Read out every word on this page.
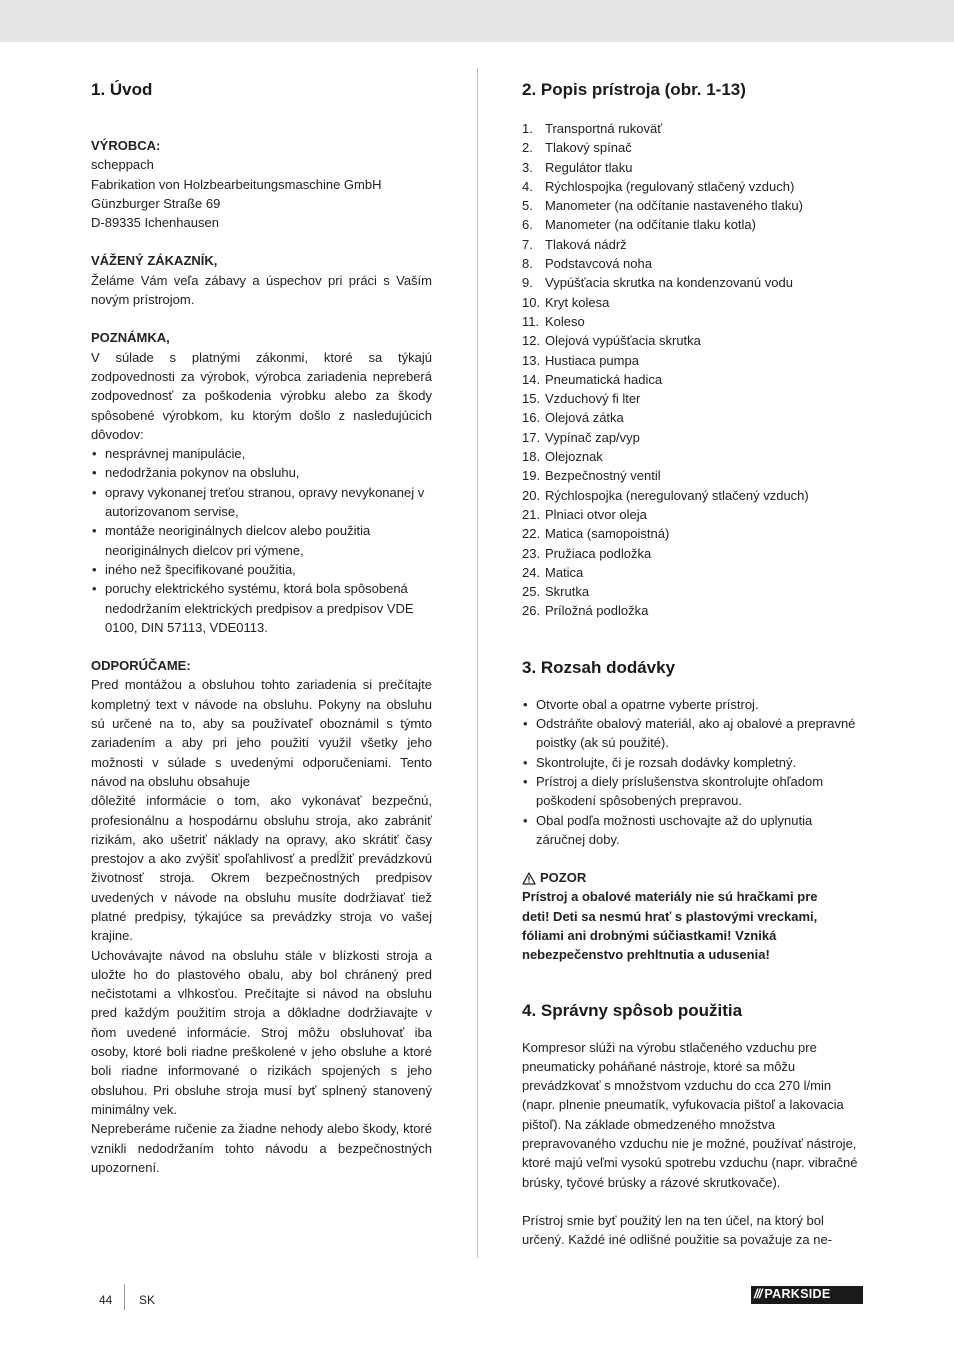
1. Úvod
VÝROBCA:
scheppach
Fabrikation von Holzbearbeitungsmaschine GmbH
Günzburger Straße 69
D-89335 Ichenhausen
VÁŽENÝ ZÁKAZNÍK,

Želáme Vám veľa zábavy a úspechov pri práci s Vaším novým prístrojom.

POZNÁMKA,

V súlade s platnými zákonmi, ktoré sa týkajú zodpovednosti za výrobok, výrobca zariadenia nepreberá zodpovednosť za poškodenia výrobku alebo za škody spôsobené výrobkom, ku ktorým došlo z nasledujúcich dôvodov:

• nesprávnej manipulácie,
• nedodržania pokynov na obsluhu,
• opravy vykonanej treťou stranou, opravy nevykonanej v autorizovanom servise,
• montáže neoriginálnych dielcov alebo použitia neoriginálnych dielcov pri výmene,
• iného než špecifikované použitia,
• poruchy elektrického systému, ktorá bola spôsobená nedodržaním elektrických predpisov a predpisov VDE 0100, DIN 57113, VDE0113.
ODPORÚČAME:

Pred montážou a obsluhou tohto zariadenia si prečítajte kompletný text v návode na obsluhu. Pokyny na obsluhu sú určené na to, aby sa používateľ oboznámil s týmto zariadením a aby pri jeho použití využil všetky jeho možnosti v súlade s uvedenými odporučeniami. Tento návod na obsluhu obsahuje

dôležité informácie o tom, ako vykonávať bezpečnú, profesionálnu a hospodárnu obsluhu stroja, ako zabrániť rizikám, ako ušetriť náklady na opravy, ako skrátiť časy prestojov a ako zvýšiť spoľahlivosť a predĺžiť prevádzkovú životnosť stroja. Okrem bezpečnostných predpisov uvedených v návode na obsluhu musíte dodržiavať tiež platné predpisy, týkajúce sa prevádzky stroja vo vašej krajine.

Uchovávajte návod na obsluhu stále v blízkosti stroja a uložte ho do plastového obalu, aby bol chránený pred nečistotami a vlhkosťou. Prečítajte si návod na obsluhu pred každým použitím stroja a dôkladne dodržiavajte v ňom uvedené informácie. Stroj môžu obsluhovať iba osoby, ktoré boli riadne preškolené v jeho obsluhe a ktoré boli riadne informované o rizikách spojených s jeho obsluhou. Pri obsluhe stroja musí byť splnený stanovený minimálny vek.

Nepreberáme ručenie za žiadne nehody alebo škody, ktoré vznikli nedodržaním tohto návodu a bezpečnostných upozornení.

2. Popis prístroja (obr. 1-13)
1. Transportná rukoväť
2. Tlakový spínač
3. Regulátor tlaku
4. Rýchlospojka (regulovaný stlačený vzduch)
5. Manometer (na odčítanie nastaveného tlaku)
6. Manometer (na odčítanie tlaku kotla)
7. Tlaková nádrž
8. Podstavcová noha
9. Vypúšťacia skrutka na kondenzovanú vodu
10. Kryt kolesa
11. Koleso
12. Olejová vypúšťacia skrutka
13. Hustiaca pumpa
14. Pneumatická hadica
15. Vzduchový fi lter
16. Olejová zátka
17. Vypínač zap/vyp
18. Olejoznak
19. Bezpečnostný ventil
20. Rýchlospojka (neregulovaný stlačený vzduch)
21. Plniaci otvor oleja
22. Matica (samopoistná)
23. Pružiaca podložka
24. Matica
25. Skrutka
26. Príložná podložka
3. Rozsah dodávky
• Otvorte obal a opatrne vyberte prístroj.
• Odstráňte obalový materiál, ako aj obalové a prepravné poistky (ak sú použité).
• Skontrolujte, či je rozsah dodávky kompletný.
• Prístroj a diely príslušenstva skontrolujte ohľadom poškodení spôsobených prepravou.
• Obal podľa možnosti uschovajte až do uplynutia záručnej doby.
POZOR

Prístroj a obalové materiály nie sú hračkami pre deti! Deti sa nesmú hrať s plastovými vreckami, fóliami ani drobnými súčiastkami! Vzniká nebezpečenstvo prehltnutia a udusenia!

4. Správny spôsob použitia

Kompresor slúži na výrobu stlačeného vzduchu pre pneumaticky poháňané nástroje, ktoré sa môžu prevádzkovať s množstvom vzduchu do cca 270 l/min (napr. plnenie pneumatík, vyfukovacia pištoľ a lakovacia pištoľ). Na základe obmedzeného množstva prepravovaného vzduchu nie je možné, používať nástroje, ktoré majú veľmi vysokú spotrebu vzduchu (napr. vibračné brúsky, tyčové brúsky a rázové skrutkovače).

Prístroj smie byť použitý len na ten účel, na ktorý bol určený. Každé iné odlišné použitie sa považuje za ne-

44 SK	/// PARKSIDE
